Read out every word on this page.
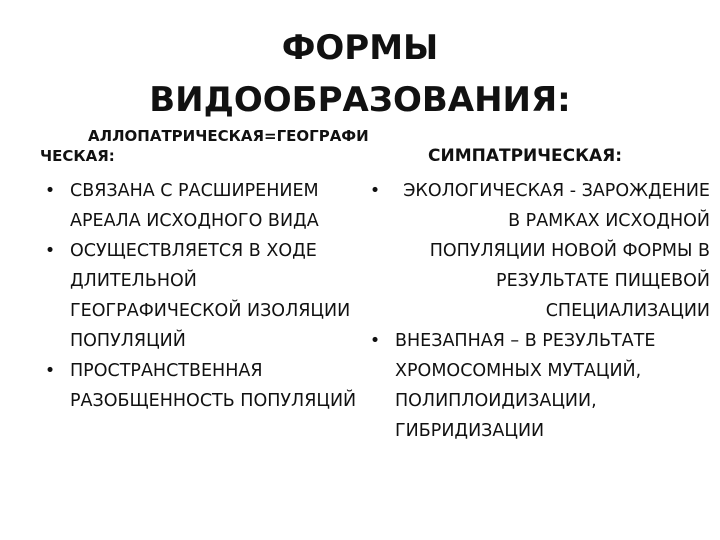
ФОРМЫ
ВИДООБРАЗОВАНИЯ:
АЛЛОПАТРИЧЕСКАЯ=ГЕОГРАФИЧЕСКАЯ:	СИМПАТРИЧЕСКАЯ:
• СВЯЗАНА С РАСШИРЕНИЕМ АРЕАЛА ИСХОДНОГО ВИДА
• ОСУЩЕСТВЛЯЕТСЯ В ХОДЕ ДЛИТЕЛЬНОЙ ГЕОГРАФИЧЕСКОЙ ИЗОЛЯЦИИ ПОПУЛЯЦИЙ
• ПРОСТРАНСТВЕННАЯ РАЗОБЩЕННОСТЬ ПОПУЛЯЦИЙ
•	ЭКОЛОГИЧЕСКАЯ - ЗАРОЖДЕНИЕ В РАМКАХ ИСХОДНОЙ ПОПУЛЯЦИИ НОВОЙ ФОРМЫ В РЕЗУЛЬТАТЕ ПИЩЕВОЙ СПЕЦИАЛИЗАЦИИ
• ВНЕЗАПНАЯ – В РЕЗУЛЬТАТЕ ХРОМОСОМНЫХ МУТАЦИЙ, ПОЛИПЛОИДИЗАЦИИ, ГИБРИДИЗАЦИИ
